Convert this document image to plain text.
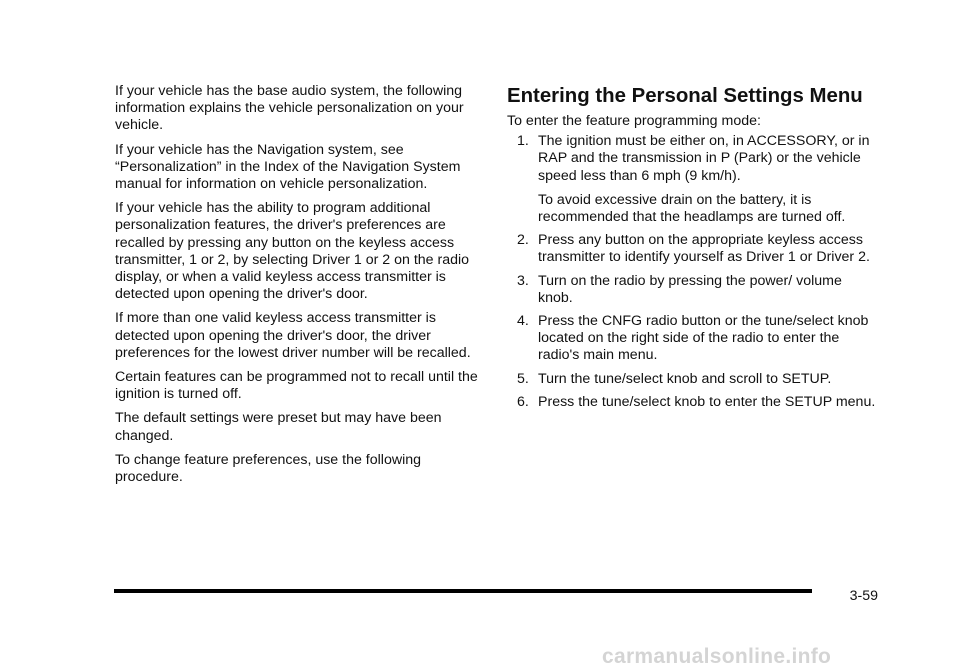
If your vehicle has the base audio system, the following information explains the vehicle personalization on your vehicle.

If your vehicle has the Navigation system, see “Personalization” in the Index of the Navigation System manual for information on vehicle personalization.

If your vehicle has the ability to program additional personalization features, the driver's preferences are recalled by pressing any button on the keyless access transmitter, 1 or 2, by selecting Driver 1 or 2 on the radio display, or when a valid keyless access transmitter is detected upon opening the driver's door.

If more than one valid keyless access transmitter is detected upon opening the driver's door, the driver preferences for the lowest driver number will be recalled.

Certain features can be programmed not to recall until the ignition is turned off.

The default settings were preset but may have been changed.

To change feature preferences, use the following procedure.

Entering the Personal Settings Menu

To enter the feature programming mode:

1. The ignition must be either on, in ACCESSORY, or in RAP and the transmission in P (Park) or the vehicle speed less than 6 mph (9 km/h).

To avoid excessive drain on the battery, it is recommended that the headlamps are turned off.

2. Press any button on the appropriate keyless access transmitter to identify yourself as Driver 1 or Driver 2.

3. Turn on the radio by pressing the power/ volume knob.

4. Press the CNFG radio button or the tune/select knob located on the right side of the radio to enter the radio's main menu.

5. Turn the tune/select knob and scroll to SETUP.

6. Press the tune/select knob to enter the SETUP menu.

3-59
carmanualsonline.info
